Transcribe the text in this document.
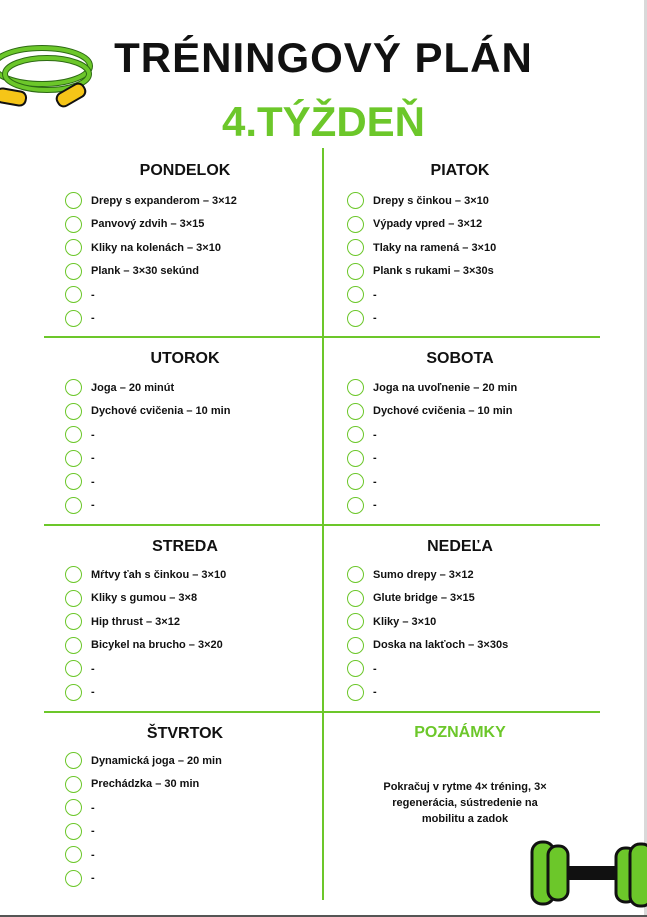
TRÉNINGOVÝ PLÁN
4.TÝŽDEŇ
PONDELOK
Drepy s expanderom – 3×12
Panvový zdvih – 3×15
Kliky na kolenách – 3×10
Plank – 3×30 sekúnd
-
-
PIATOK
Drepy s činkou – 3×10
Výpady vpred – 3×12
Tlaky na ramená – 3×10
Plank s rukami – 3×30s
-
-
UTOROK
Joga – 20 minút
Dychové cvičenia – 10 min
-
-
-
-
SOBOTA
Joga na uvoľnenie – 20 min
Dychové cvičenia – 10 min
-
-
-
-
STREDA
Mŕtvy ťah s činkou – 3×10
Kliky s gumou – 3×8
Hip thrust – 3×12
Bicykel na brucho – 3×20
-
-
NEDEĽA
Sumo drepy – 3×12
Glute bridge – 3×15
Kliky – 3×10
Doska na lakťoch – 3×30s
-
-
ŠTVRTOK
Dynamická joga – 20 min
Prechádzka – 30 min
-
-
-
-
POZNÁMKY
Pokračuj v rytme 4× tréning, 3× regenerácia, sústredenie na mobilitu a zadok
